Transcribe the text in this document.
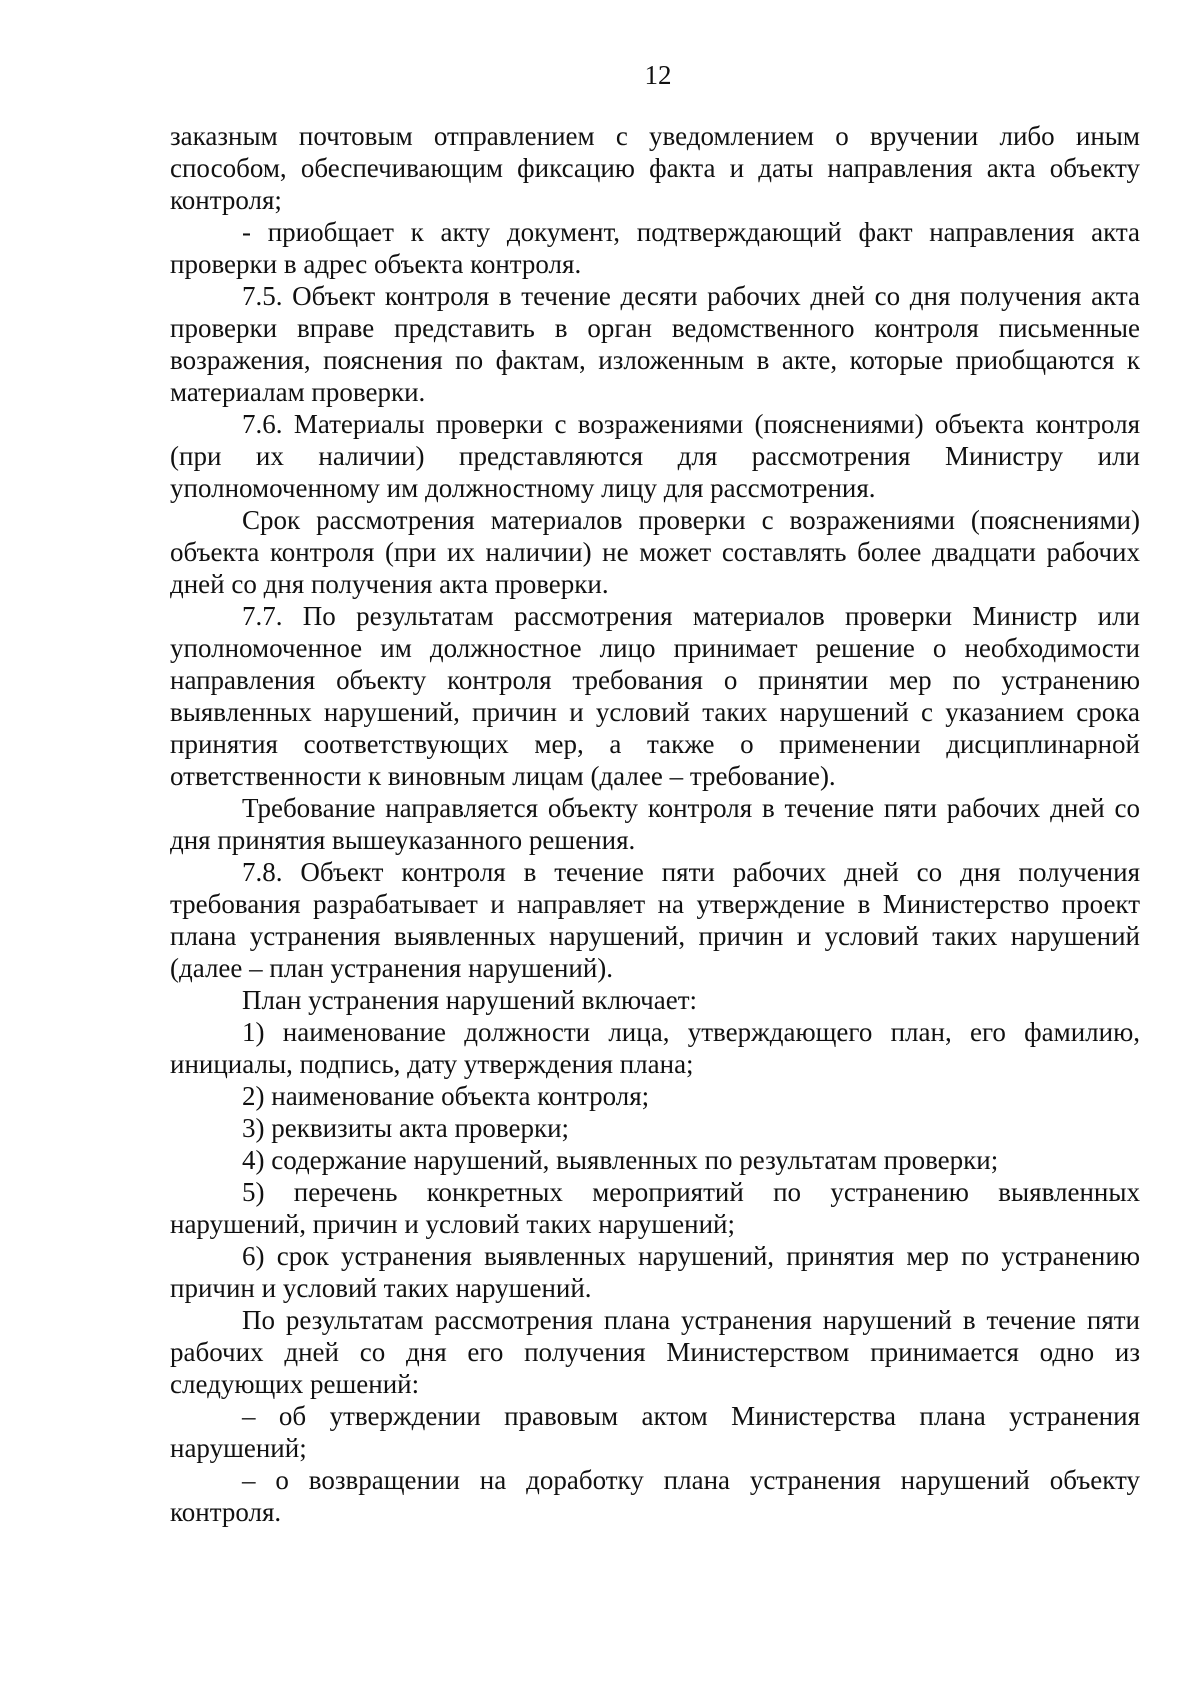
12

заказным почтовым отправлением с уведомлением о вручении либо иным способом, обеспечивающим фиксацию факта и даты направления акта объекту контроля;

- приобщает к акту документ, подтверждающий факт направления акта проверки в адрес объекта контроля.

7.5. Объект контроля в течение десяти рабочих дней со дня получения акта проверки вправе представить в орган ведомственного контроля письменные возражения, пояснения по фактам, изложенным в акте, которые приобщаются к материалам проверки.

7.6. Материалы проверки с возражениями (пояснениями) объекта контроля (при их наличии) представляются для рассмотрения Министру или уполномоченному им должностному лицу для рассмотрения.

Срок рассмотрения материалов проверки с возражениями (пояснениями) объекта контроля (при их наличии) не может составлять более двадцати рабочих дней со дня получения акта проверки.

7.7. По результатам рассмотрения материалов проверки Министр или уполномоченное им должностное лицо принимает решение о необходимости направления объекту контроля требования о принятии мер по устранению выявленных нарушений, причин и условий таких нарушений с указанием срока принятия соответствующих мер, а также о применении дисциплинарной ответственности к виновным лицам (далее – требование).

Требование направляется объекту контроля в течение пяти рабочих дней со дня принятия вышеуказанного решения.

7.8. Объект контроля в течение пяти рабочих дней со дня получения требования разрабатывает и направляет на утверждение в Министерство проект плана устранения выявленных нарушений, причин и условий таких нарушений (далее – план устранения нарушений).

План устранения нарушений включает:

1) наименование должности лица, утверждающего план, его фамилию, инициалы, подпись, дату утверждения плана;

2) наименование объекта контроля;

3) реквизиты акта проверки;

4) содержание нарушений, выявленных по результатам проверки;

5) перечень конкретных мероприятий по устранению выявленных нарушений, причин и условий таких нарушений;

6) срок устранения выявленных нарушений, принятия мер по устранению причин и условий таких нарушений.

По результатам рассмотрения плана устранения нарушений в течение пяти рабочих дней со дня его получения Министерством принимается одно из следующих решений:

– об утверждении правовым актом Министерства плана устранения нарушений;

– о возвращении на доработку плана устранения нарушений объекту контроля.
